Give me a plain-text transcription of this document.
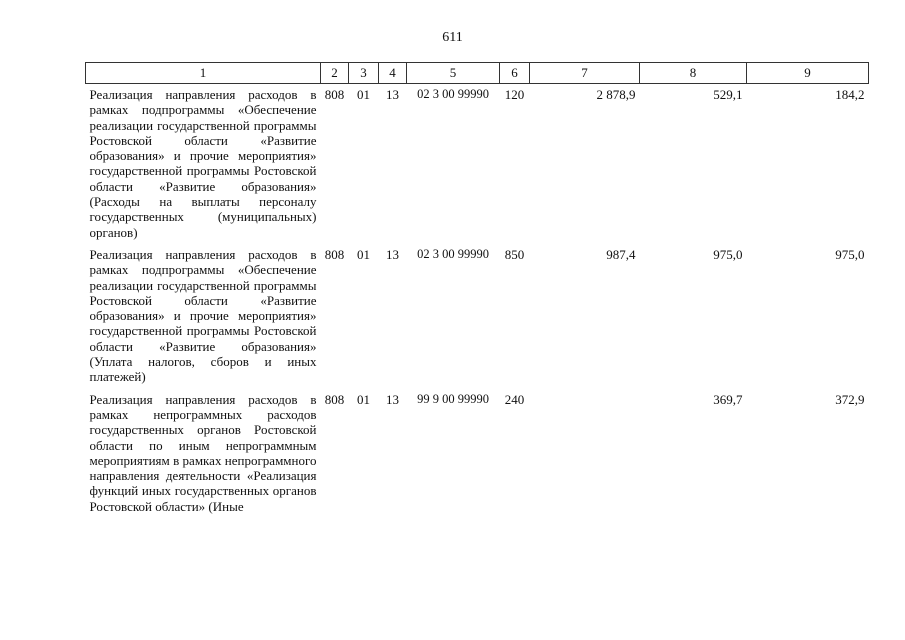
611
1	2	3	4	5	6	7	8	9
Реализация направления расходов в рамках подпрограммы «Обеспечение реализации государственной программы Ростовской области «Развитие образования» и прочие мероприятия» государственной программы Ростовской области «Развитие образования» (Расходы на выплаты персоналу государственных (муниципальных) органов)	808	01	13	02 3 00 99990	120	2 878,9	529,1	184,2
Реализация направления расходов в рамках подпрограммы «Обеспечение реализации государственной программы Ростовской области «Развитие образования» и прочие мероприятия» государственной программы Ростовской области «Развитие образования» (Уплата налогов, сборов и иных платежей)	808	01	13	02 3 00 99990	850	987,4	975,0	975,0
Реализация направления расходов в рамках непрограммных расходов государственных органов Ростовской области по иным непрограммным мероприятиям в рамках непрограммного направления деятельности «Реализация функций иных государственных органов Ростовской области» (Иные	808	01	13	99 9 00 99990	240		369,7	372,9
